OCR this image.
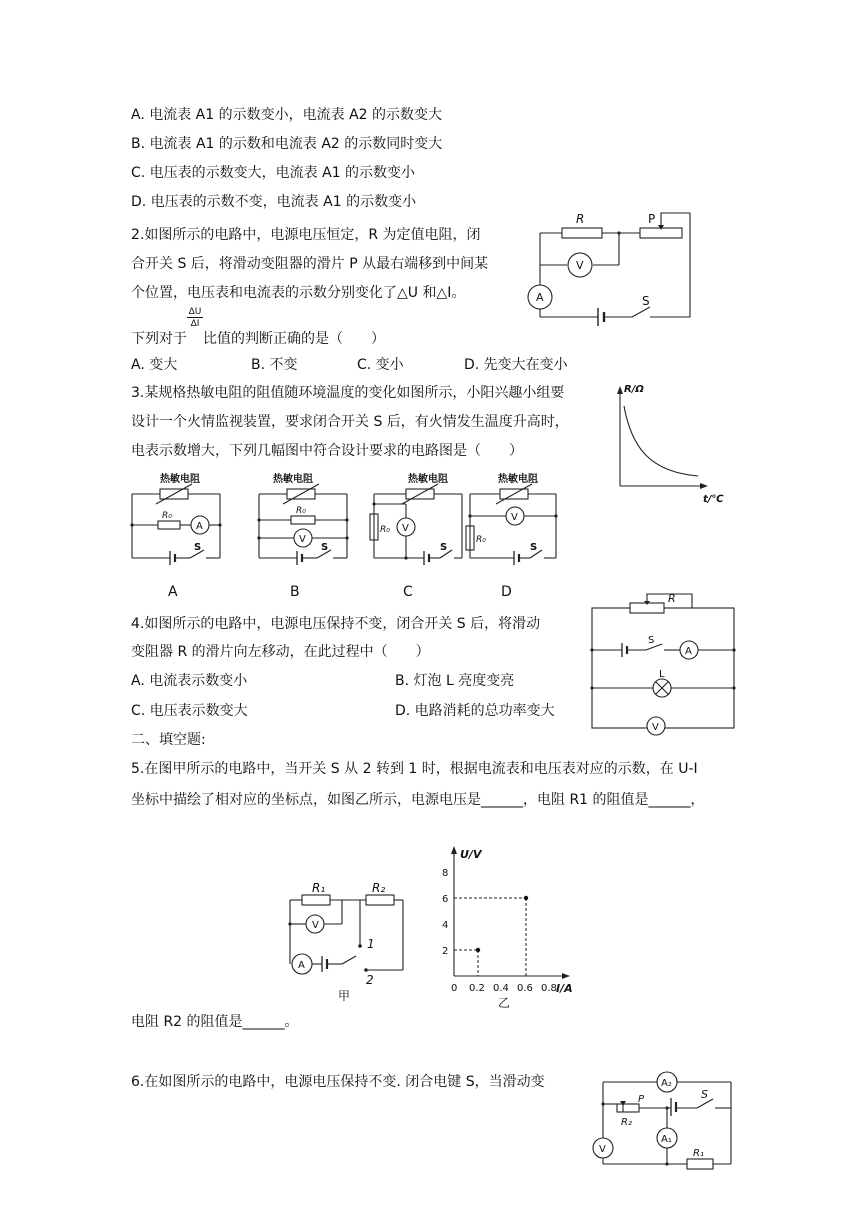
A. 电流表 A1 的示数变小，电流表 A2 的示数变大
B. 电流表 A1 的示数和电流表 A2 的示数同时变大
C. 电压表的示数变大，电流表 A1 的示数变小
D. 电压表的示数不变，电流表 A1 的示数变小
2.如图所示的电路中，电源电压恒定，R 为定值电阻，闭
合开关 S 后，将滑动变阻器的滑片 P 从最右端移到中间某
个位置，电压表和电流表的示数分别变化了△U 和△I。
下列对于 $\frac{\Delta U}{\Delta I}$ 比值的判断正确的是（　　）
A. 变大	B. 不变	C. 变小	D. 先变大在变小
R	P
V
A	S
3.某规格热敏电阻的阻值随环境温度的变化如图所示，小阳兴趣小组要
设计一个火情监视装置，要求闭合开关 S 后，有火情发生温度升高时，
电表示数增大，下列几幅图中符合设计要求的电路图是（　　）
R/Ω
t/℃
热敏电阻
R₀
A
S
热敏电阻
R₀
V
S
热敏电阻
R₀ V
S
热敏电阻
R₀
V
S
A	B	C	D
4.如图所示的电路中，电源电压保持不变，闭合开关 S 后，将滑动
变阻器 R 的滑片向左移动，在此过程中（　　）
A. 电流表示数变小	B. 灯泡 L 亮度变亮
C. 电压表示数变大	D. 电路消耗的总功率变大
R
S
A
L
V
二、填空题:
5.在图甲所示的电路中，当开关 S 从 2 转到 1 时，根据电流表和电压表对应的示数，在 U-I
坐标中描绘了相对应的坐标点，如图乙所示，电源电压是______，电阻 R1 的阻值是______，
R₁	R₂
V
A
1
2
甲
U/V
I/A
0 0.2 0.4 0.6 0.8
2
4
6
8
乙
电阻 R2 的阻值是______。
6.在如图所示的电路中，电源电压保持不变. 闭合电键 S，当滑动变	A₂
P	S
R₂
V
A₁
R₁
